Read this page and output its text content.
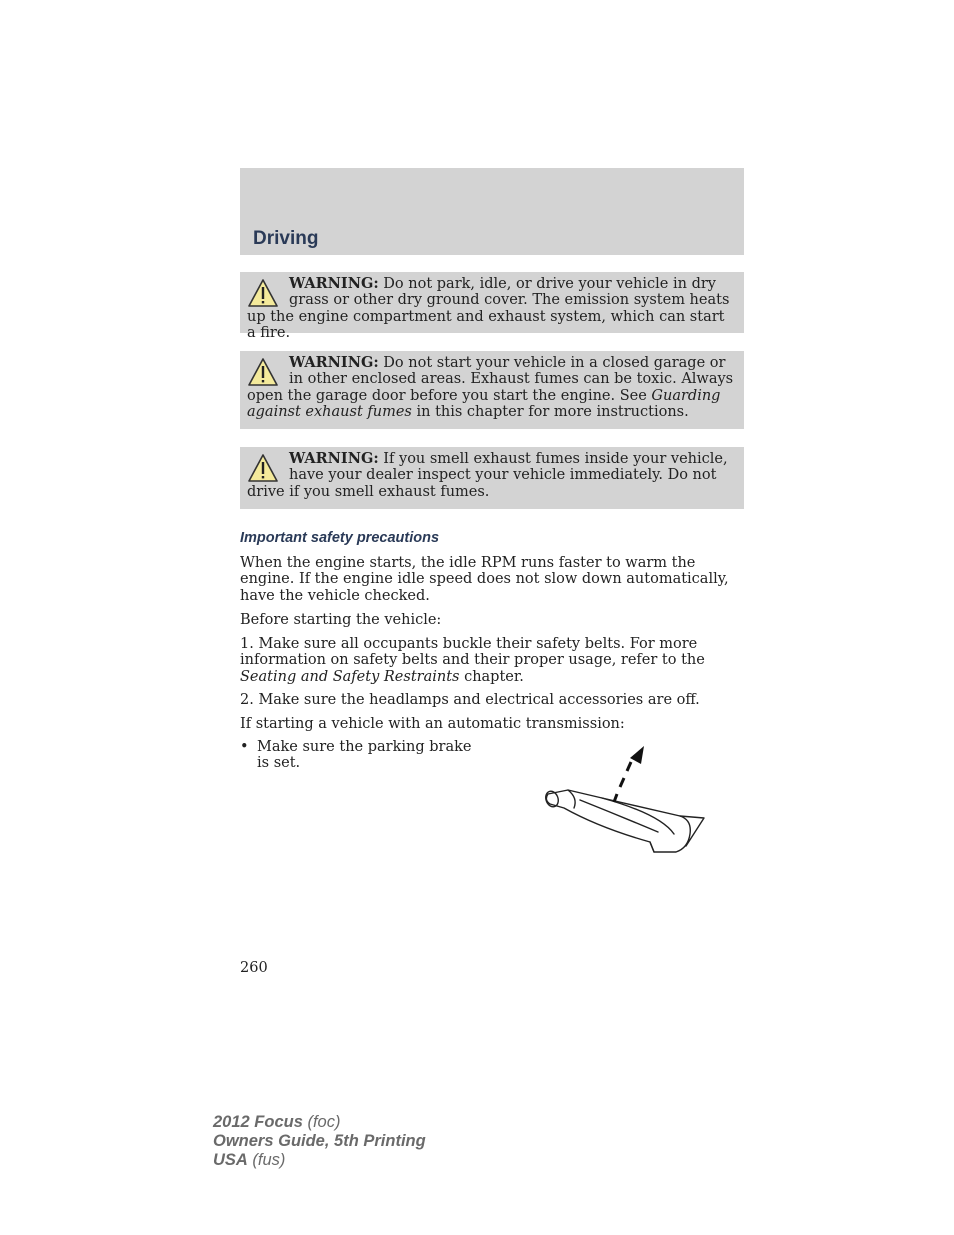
Driving
WARNING: Do not park, idle, or drive your vehicle in dry grass or other dry ground cover. The emission system heats up the engine compartment and exhaust system, which can start a fire.
WARNING: Do not start your vehicle in a closed garage or in other enclosed areas. Exhaust fumes can be toxic. Always open the garage door before you start the engine. See Guarding against exhaust fumes in this chapter for more instructions.
WARNING: If you smell exhaust fumes inside your vehicle, have your dealer inspect your vehicle immediately. Do not drive if you smell exhaust fumes.
Important safety precautions
When the engine starts, the idle RPM runs faster to warm the engine. If the engine idle speed does not slow down automatically, have the vehicle checked.
Before starting the vehicle:
1. Make sure all occupants buckle their safety belts. For more information on safety belts and their proper usage, refer to the Seating and Safety Restraints chapter.
2. Make sure the headlamps and electrical accessories are off.
If starting a vehicle with an automatic transmission:
• Make sure the parking brake is set.
260
2012 Focus (foc)
Owners Guide, 5th Printing
USA (fus)
